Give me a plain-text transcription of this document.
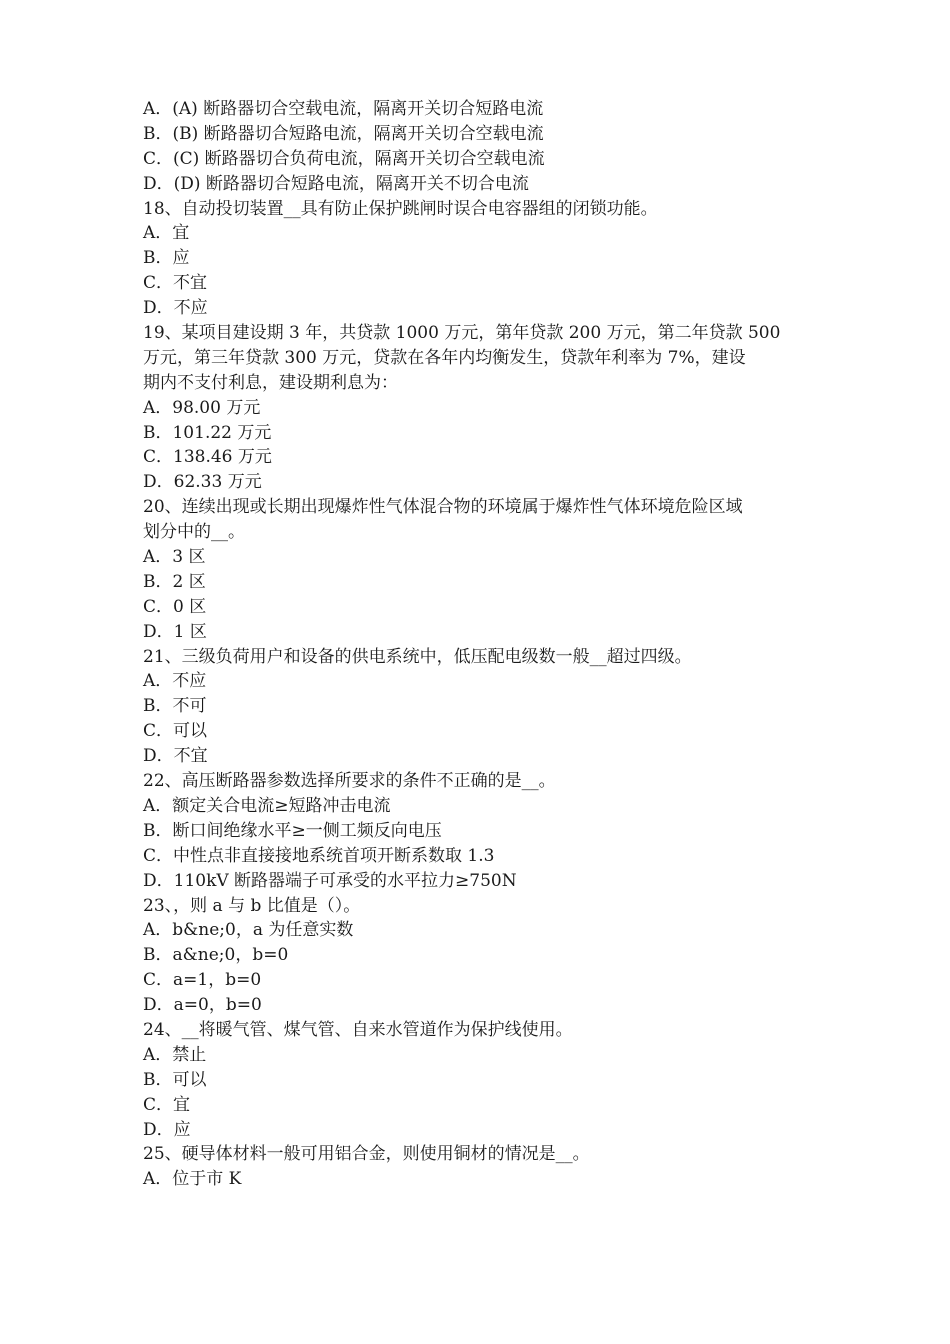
A．(A) 断路器切合空载电流，隔离开关切合短路电流
B．(B) 断路器切合短路电流，隔离开关切合空载电流
C．(C) 断路器切合负荷电流，隔离开关切合空载电流
D．(D) 断路器切合短路电流，隔离开关不切合电流
18、自动投切装置__具有防止保护跳闸时误合电容器组的闭锁功能。
A．宜
B．应
C．不宜
D．不应
19、某项目建设期 3 年，共贷款 1000 万元，第年贷款 200 万元，第二年贷款 500
万元，第三年贷款 300 万元，贷款在各年内均衡发生，贷款年利率为 7%，建设
期内不支付利息，建设期利息为：
A．98.00 万元
B．101.22 万元
C．138.46 万元
D．62.33 万元
20、连续出现或长期出现爆炸性气体混合物的环境属于爆炸性气体环境危险区域
划分中的__。
A．3 区
B．2 区
C．0 区
D．1 区
21、三级负荷用户和设备的供电系统中，低压配电级数一般__超过四级。
A．不应
B．不可
C．可以
D．不宜
22、高压断路器参数选择所要求的条件不正确的是__。
A．额定关合电流≥短路冲击电流
B．断口间绝缘水平≥一侧工频反向电压
C．中性点非直接接地系统首项开断系数取 1.3
D．110kV 断路器端子可承受的水平拉力≥750N
23、，则 a 与 b 比值是（）。
A．b&ne;0，a 为任意实数
B．a&ne;0，b=0
C．a=1，b=0
D．a=0，b=0
24、__将暖气管、煤气管、自来水管道作为保护线使用。
A．禁止
B．可以
C．宜
D．应
25、硬导体材料一般可用铝合金，则使用铜材的情况是__。
A．位于市 K
